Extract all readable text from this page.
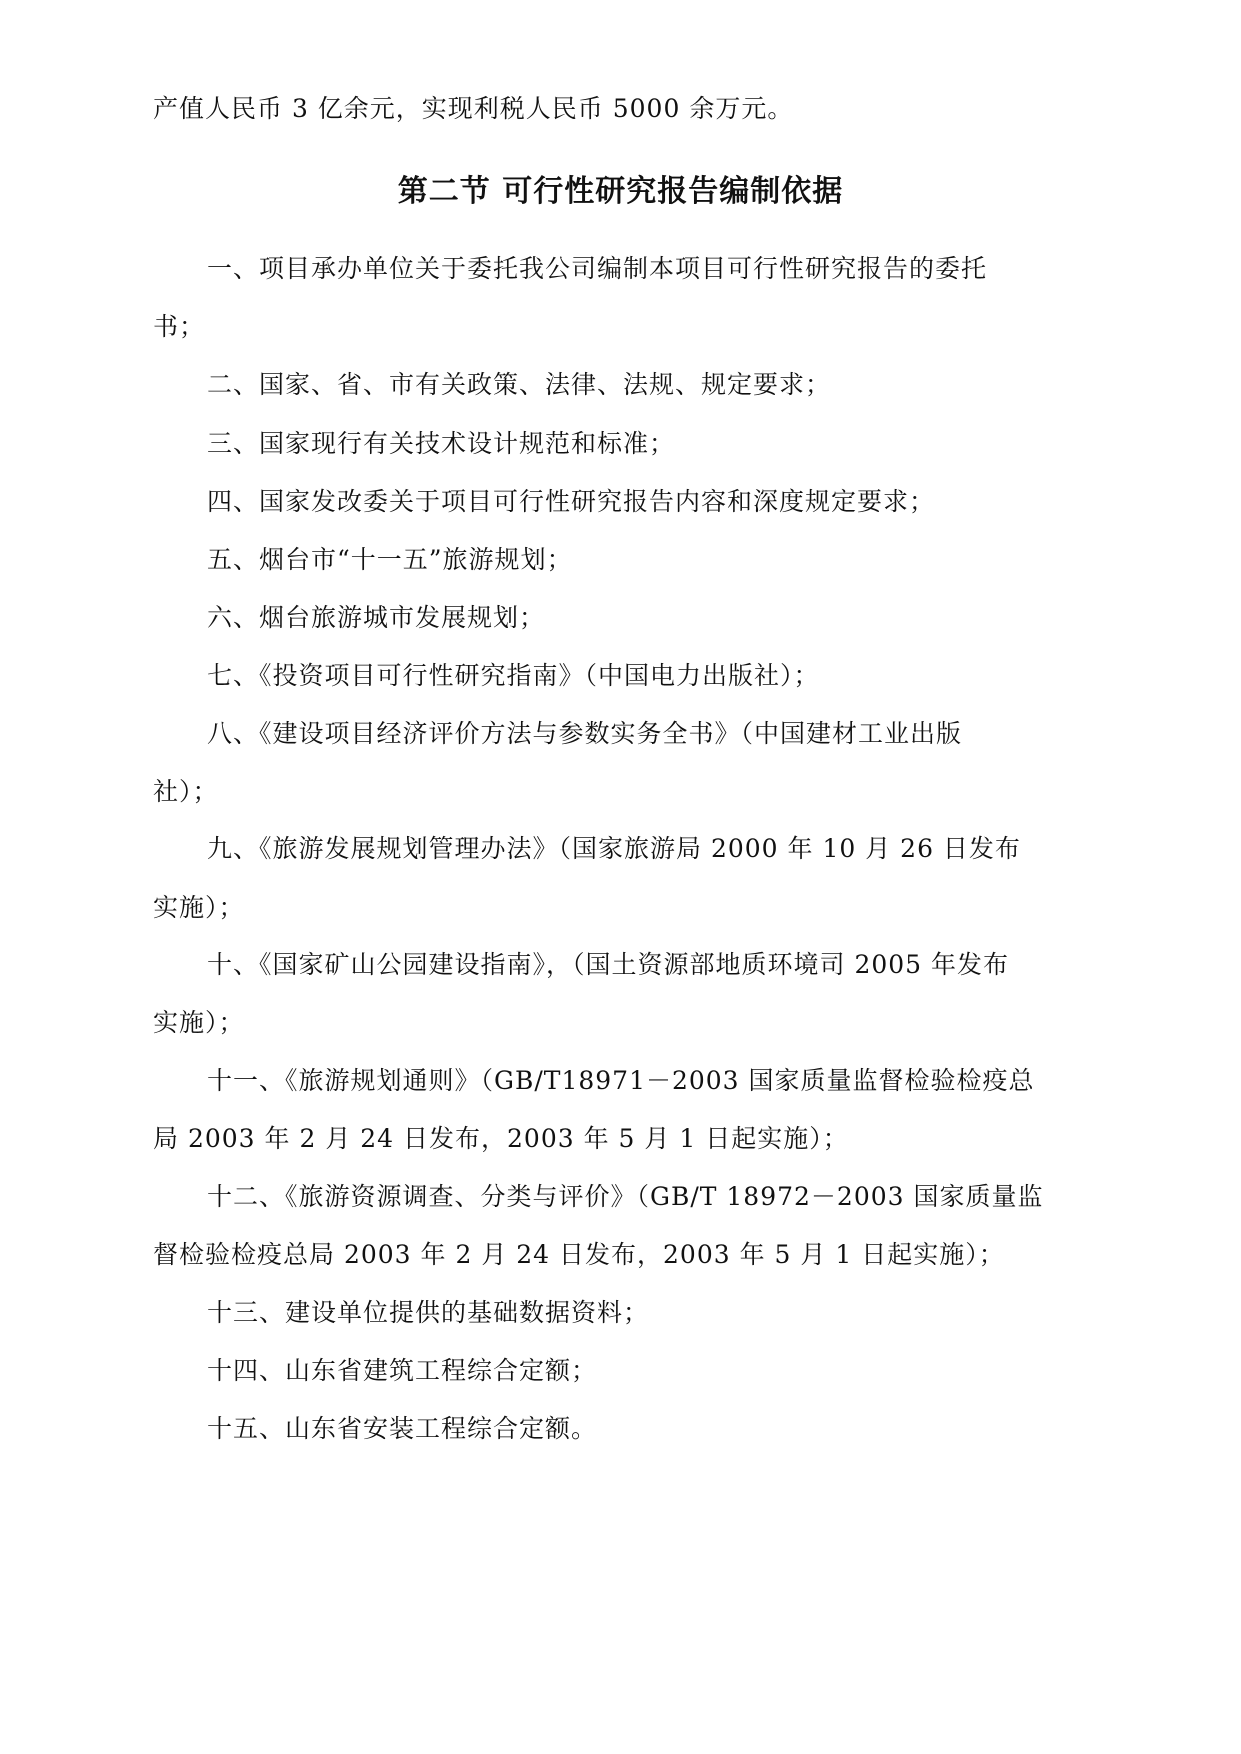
产值人民币 3 亿余元，实现利税人民币 5000 余万元。
第二节 可行性研究报告编制依据
一、项目承办单位关于委托我公司编制本项目可行性研究报告的委托
书；
二、国家、省、市有关政策、法律、法规、规定要求；
三、国家现行有关技术设计规范和标准；
四、国家发改委关于项目可行性研究报告内容和深度规定要求；
五、烟台市“十一五”旅游规划；
六、烟台旅游城市发展规划；
七、《投资项目可行性研究指南》（中国电力出版社）；
八、《建设项目经济评价方法与参数实务全书》（中国建材工业出版
社）；
九、《旅游发展规划管理办法》（国家旅游局 2000 年 10 月 26 日发布
实施）；
十、《国家矿山公园建设指南》，（国土资源部地质环境司 2005 年发布
实施）；
十一、《旅游规划通则》（GB/T18971－2003 国家质量监督检验检疫总
局 2003 年 2 月 24 日发布，2003 年 5 月 1 日起实施）；
十二、《旅游资源调查、分类与评价》（GB/T 18972－2003 国家质量监
督检验检疫总局 2003 年 2 月 24 日发布，2003 年 5 月 1 日起实施）；
十三、建设单位提供的基础数据资料；
十四、山东省建筑工程综合定额；
十五、山东省安装工程综合定额。
